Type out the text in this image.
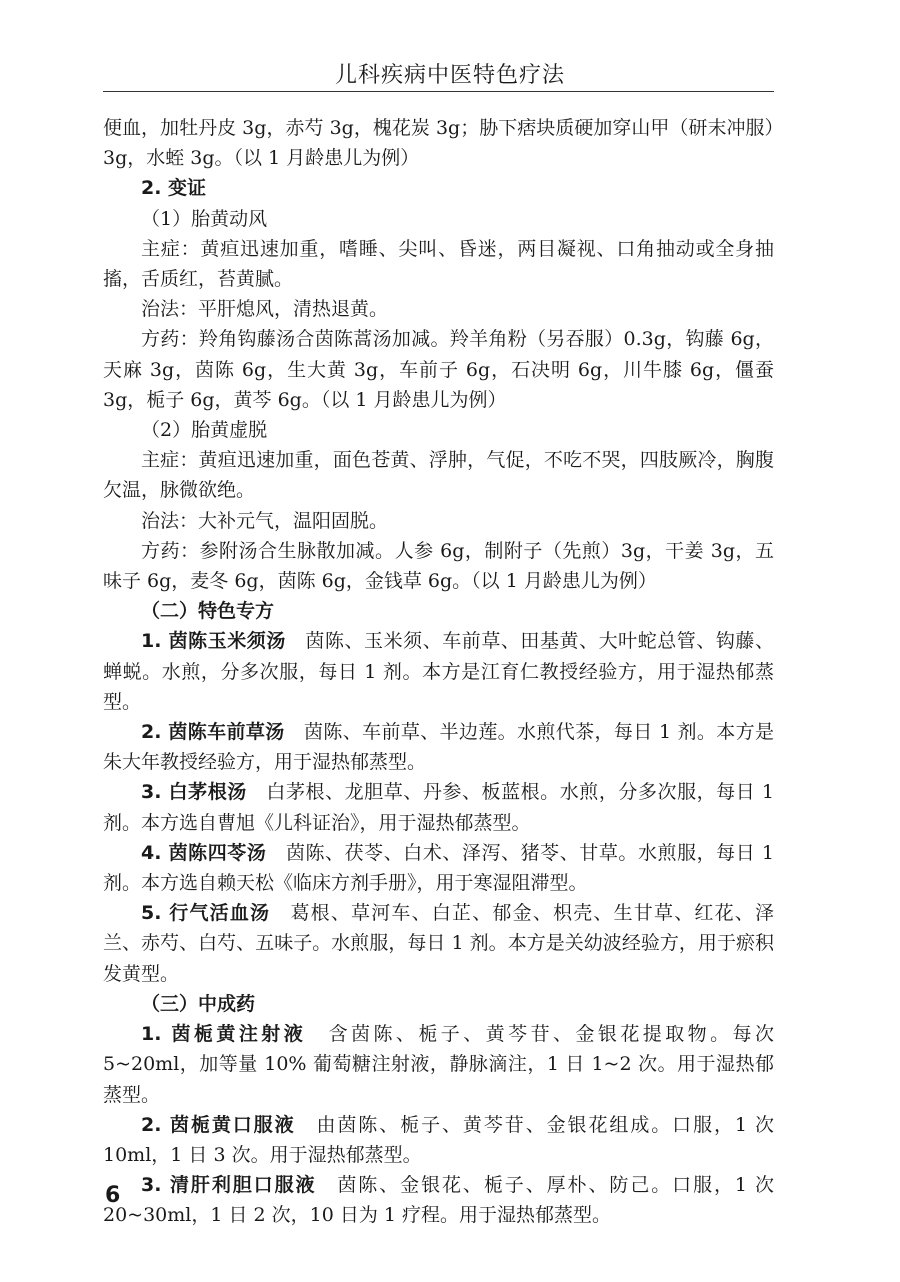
儿科疾病中医特色疗法

便血，加牡丹皮 3g，赤芍 3g，槐花炭 3g；胁下痞块质硬加穿山甲（研末冲服）3g，水蛭 3g。（以 1 月龄患儿为例）

2. 变证

（1）胎黄动风

主症：黄疸迅速加重，嗜睡、尖叫、昏迷，两目凝视、口角抽动或全身抽搐，舌质红，苔黄腻。

治法：平肝熄风，清热退黄。

方药：羚角钩藤汤合茵陈蒿汤加减。羚羊角粉（另吞服）0.3g，钩藤 6g，天麻 3g，茵陈 6g，生大黄 3g，车前子 6g，石决明 6g，川牛膝 6g，僵蚕 3g，栀子 6g，黄芩 6g。（以 1 月龄患儿为例）

（2）胎黄虚脱

主症：黄疸迅速加重，面色苍黄、浮肿，气促，不吃不哭，四肢厥冷，胸腹欠温，脉微欲绝。

治法：大补元气，温阳固脱。

方药：参附汤合生脉散加减。人参 6g，制附子（先煎）3g，干姜 3g，五味子 6g，麦冬 6g，茵陈 6g，金钱草 6g。（以 1 月龄患儿为例）

（二）特色专方

1. 茵陈玉米须汤 茵陈、玉米须、车前草、田基黄、大叶蛇总管、钩藤、蝉蜕。水煎，分多次服，每日 1 剂。本方是江育仁教授经验方，用于湿热郁蒸型。

2. 茵陈车前草汤 茵陈、车前草、半边莲。水煎代茶，每日 1 剂。本方是朱大年教授经验方，用于湿热郁蒸型。

3. 白茅根汤 白茅根、龙胆草、丹参、板蓝根。水煎，分多次服，每日 1 剂。本方选自曹旭《儿科证治》，用于湿热郁蒸型。

4. 茵陈四苓汤 茵陈、茯苓、白术、泽泻、猪苓、甘草。水煎服，每日 1 剂。本方选自赖天松《临床方剂手册》，用于寒湿阻滞型。

5. 行气活血汤 葛根、草河车、白芷、郁金、枳壳、生甘草、红花、泽兰、赤芍、白芍、五味子。水煎服，每日 1 剂。本方是关幼波经验方，用于瘀积发黄型。

（三）中成药

1. 茵栀黄注射液 含茵陈、栀子、黄芩苷、金银花提取物。每次 5~20ml，加等量 10% 葡萄糖注射液，静脉滴注，1 日 1~2 次。用于湿热郁蒸型。

2. 茵栀黄口服液 由茵陈、栀子、黄芩苷、金银花组成。口服，1 次 10ml，1 日 3 次。用于湿热郁蒸型。

3. 清肝利胆口服液 茵陈、金银花、栀子、厚朴、防己。口服，1 次 20~30ml，1 日 2 次，10 日为 1 疗程。用于湿热郁蒸型。

6
